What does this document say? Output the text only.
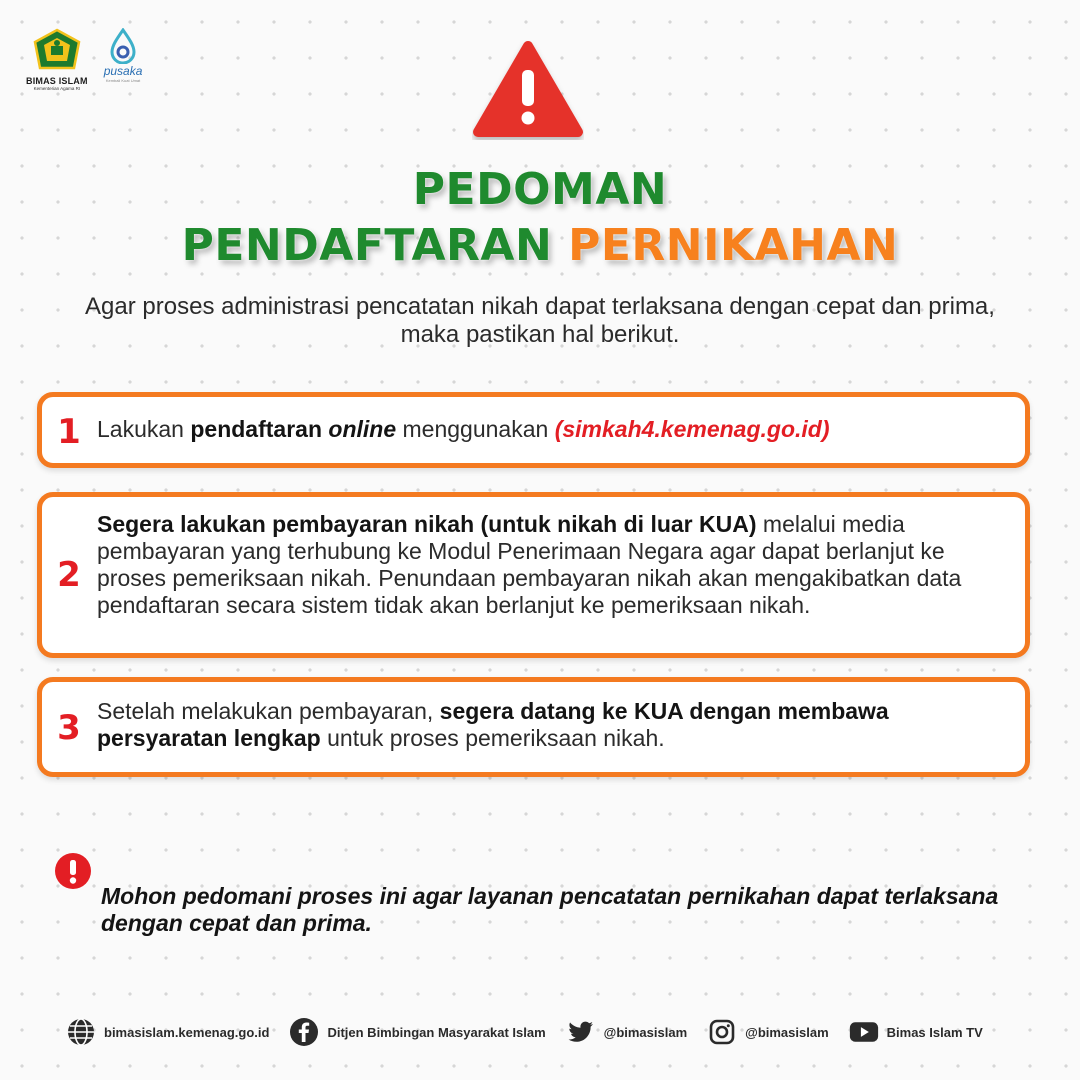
BIMAS ISLAM
Kementerian Agama RI
pusaka
Kembali Kuat Umat
PEDOMAN
PENDAFTARAN PERNIKAHAN

Agar proses administrasi pencatatan nikah dapat terlaksana dengan cepat dan prima, maka pastikan hal berikut.

1 Lakukan pendaftaran online menggunakan (simkah4.kemenag.go.id)
2
Segera lakukan pembayaran nikah (untuk nikah di luar KUA) melalui media pembayaran yang terhubung ke Modul Penerimaan Negara agar dapat berlanjut ke proses pemeriksaan nikah. Penundaan pembayaran nikah akan mengakibatkan data pendaftaran secara sistem tidak akan berlanjut ke pemeriksaan nikah.
3 Setelah melakukan pembayaran, segera datang ke KUA dengan membawa persyaratan lengkap untuk proses pemeriksaan nikah.

Mohon pedomani proses ini agar layanan pencatatan pernikahan dapat terlaksana dengan cepat dan prima.

bimasislam.kemenag.go.id	Ditjen Bimbingan Masyarakat Islam	@bimasislam	@bimasislam	Bimas Islam TV
